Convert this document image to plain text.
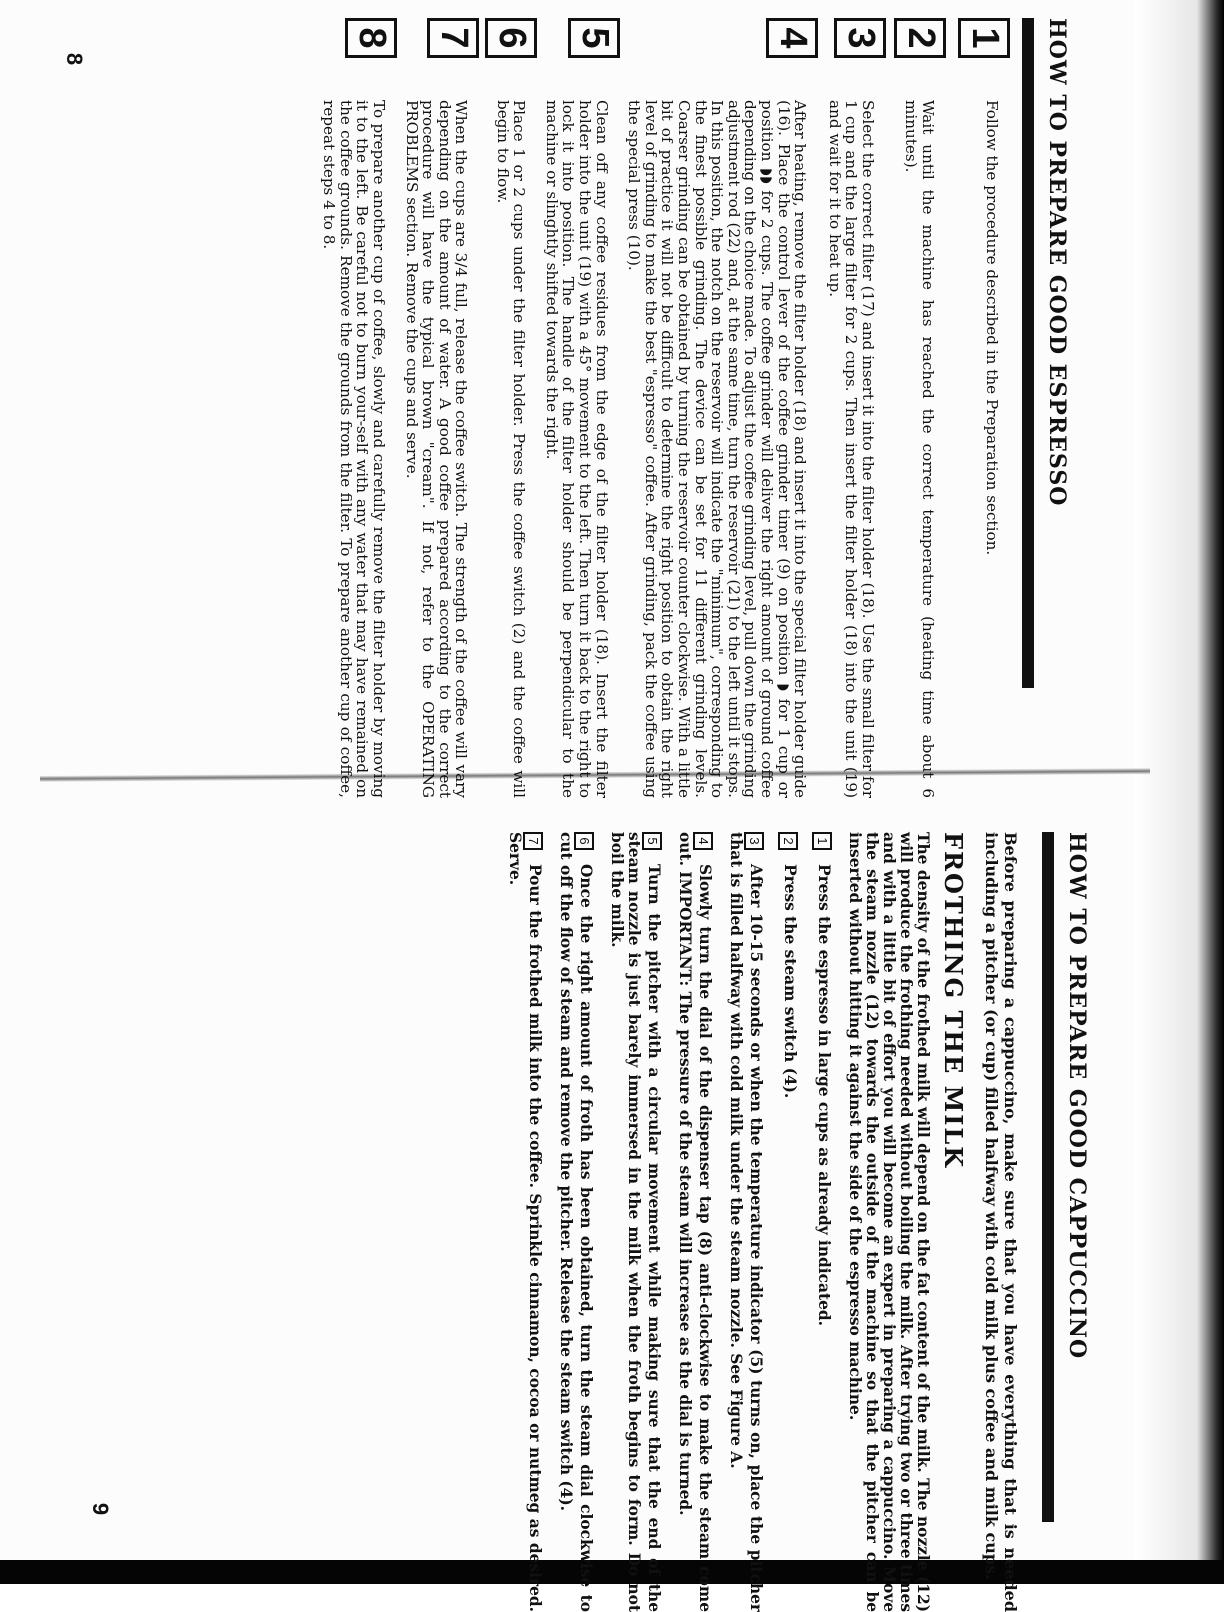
HOW TO PREPARE GOOD ESPRESSO
1
Follow the procedure described in the Preparation section.
2
Wait until the machine has reached the correct temperature (heating time about 6 minutes).
3
Select the correct filter (17) and insert it into the filter holder (18). Use the small filter for 1 cup and the large filter for 2 cups. Then insert the filter holder (18) into the unit (19) and wait for it to heat up.
4
After heating, remove the filter holder (18) and insert it into the special filter holder guide (16). Place the control lever of the coffee grinder timer (9) on position ◗ for 1 cup or position ◗◗ for 2 cups. The coffee grinder will deliver the right amount of ground coffee depending on the choice made. To adjust the coffee grinding level, pull down the grinding adjustment rod (22) and, at the same time, turn the reservoir (21) to the left until it stops. In this position, the notch on the reservoir will indicate the "minimum", corresponding to the finest possible grinding. The device can be set for 11 different grinding levels. Coarser grinding can be obtained by turning the reservoir counter clockwise. With a little bit of practice it will not be difficult to determine the right position to obtain the right level of grinding to make the best "espresso" coffee. After grinding, pack the coffee using the special press (10).
5
Clean off any coffee residues from the edge of the filter holder (18). Insert the filter holder into the unit (19) with a 45° movement to the left. Then turn it back to the right to lock it into position. The handle of the filter holder should be perpendicular to the machine or slinghtly shifted towards the right.
6
Place 1 or 2 cups under the filter holder. Press the coffee switch (2) and the coffee will begin to flow.
7
When the cups are 3/4 full, release the coffee switch. The strength of the coffee will vary depending on the amount of water. A good coffee prepared according to the correct procedure will have the typical brown "cream". If not, refer to the OPERATING PROBLEMS section. Remove the cups and serve.
8
To prepare another cup of coffee, slowly and carefully remove the filter holder by moving it to the left. Be careful not to burn your-self with any water that may have remained on the coffee grounds. Remove the grounds from the filter. To prepare another cup of coffee, repeat steps 4 to 8.
8
HOW TO PREPARE GOOD CAPPUCCINO
Before preparing a cappuccino, make sure that you have everything that is needed including a pitcher (or cup) filled halfway with cold milk plus coffee and milk cups.
FROTHING THE MILK
The density of the frothed milk will depend on the fat content of the milk. The nozzle (12) will produce the frothing needed without boiling the milk. After trying two or three times and with a little bit of effort you will become an expert in preparing a cappuccino. Move the steam nozzle (12) towards the outside of the machine so that the pitcher can be inserted without hitting it against the side of the espresso machine.
1Press the espresso in large cups as already indicated.
2Press the steam switch (4).
3After 10-15 seconds or when the temperature indicator (5) turns on, place the pitcher that is filled halfway with cold milk under the steam nozzle. See Figure A.
4Slowly turn the dial of the dispenser tap (8) anti-clockwise to make the steam come out. IMPORTANT: The pressure of the steam will increase as the dial is turned.
5Turn the pitcher with a circular movement while making sure that the end of the steam nozzle is just barely immersed in the milk when the froth begins to form. Do not boil the milk.
6Once the right amount of froth has been obtained, turn the steam dial clockwise to cut off the flow of steam and remove the pitcher. Release the steam switch (4).
7Pour the frothed milk into the coffee. Sprinkle cinnamon, cocoa or nutmeg as desired. Serve.
9
